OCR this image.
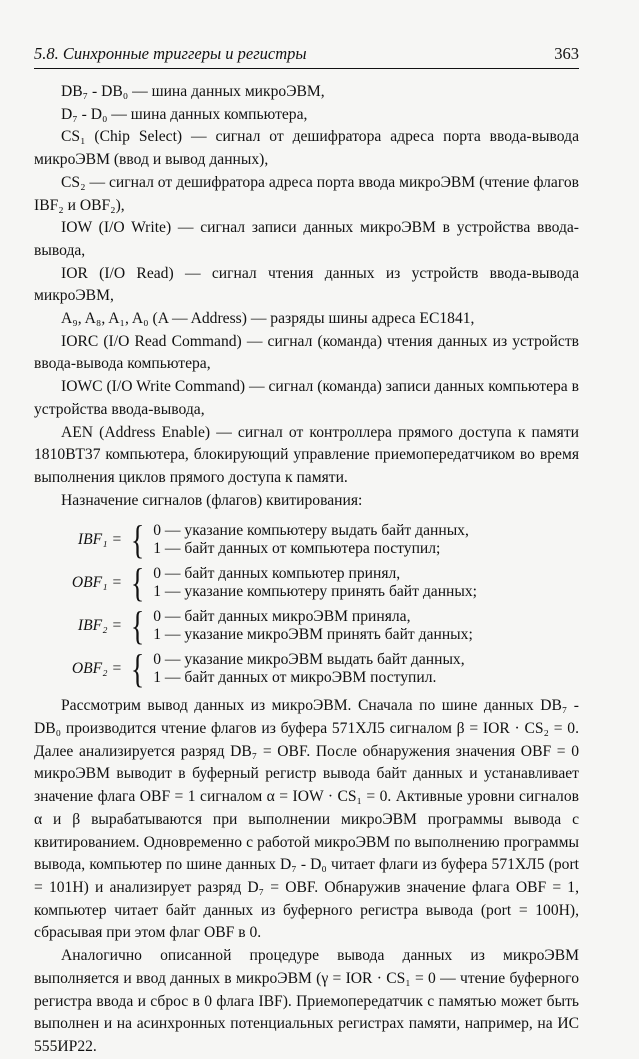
5.8. Синхронные триггеры и регистры	363

DB₇ - DB₀ — шина данных микроЭВМ,

D₇ - D₀ — шина данных компьютера,

CS₁ (Chip Select) — сигнал от дешифратора адреса порта ввода-вывода микроЭВМ (ввод и вывод данных),

CS₂ — сигнал от дешифратора адреса порта ввода микроЭВМ (чтение флагов IBF₂ и OBF₂),

IOW (I/O Write) — сигнал записи данных микроЭВМ в устройства ввода-вывода,

IOR (I/O Read) — сигнал чтения данных из устройств ввода-вывода микроЭВМ,

A₉, A₈, A₁, A₀ (A — Address) — разряды шины адреса ЕС1841,

IORC (I/O Read Command) — сигнал (команда) чтения данных из устройств ввода-вывода компьютера,

IOWC (I/O Write Command) — сигнал (команда) записи данных компьютера в устройства ввода-вывода,

AEN (Address Enable) — сигнал от контроллера прямого доступа к памяти 1810ВТ37 компьютера, блокирующий управление приемопередатчиком во время выполнения циклов прямого доступа к памяти.

Назначение сигналов (флагов) квитирования:

IBF₁ = { 0 — указание компьютеру выдать байт данных,
1 — байт данных от компьютера поступил;
OBF₁ = { 0 — байт данных компьютер принял,
1 — указание компьютеру принять байт данных;
IBF₂ = { 0 — байт данных микроЭВМ принялa,
1 — указание микроЭВМ принять байт данных;
OBF₂ = { 0 — указание микроЭВМ выдать байт данных,
1 — байт данных от микроЭВМ поступил.

Рассмотрим вывод данных из микроЭВМ. Сначала по шине данных DB₇ - DB₀ производится чтение флагов из буфера 571ХЛ5 сигналом β = IOR · CS₂ = 0. Далее анализируется разряд DB₇ = OBF. После обнаружения значения OBF = 0 микроЭВМ выводит в буферный регистр вывода байт данных и устанавливает значение флага OBF = 1 сигналом α = IOW · CS₁ = 0. Активные уровни сигналов α и β вырабатываются при выполнении микроЭВМ программы вывода с квитированием. Одновременно с работой микроЭВМ по выполнению программы вывода, компьютер по шине данных D₇ - D₀ читает флаги из буфера 571ХЛ5 (port = 101H) и анализирует разряд D₇ = OBF. Обнаружив значение флага OBF = 1, компьютер читает байт данных из буферного регистра вывода (port = 100H), сбрасывая при этом флаг OBF в 0.

Аналогично описанной процедуре вывода данных из микроЭВМ выполняется и ввод данных в микроЭВМ (γ = IOR · CS₁ = 0 — чтение буферного регистра ввода и сброс в 0 флага IBF). Приемопередатчик с памятью может быть выполнен и на асинхронных потенциальных регистрах памяти, например, на ИС 555ИР22.
